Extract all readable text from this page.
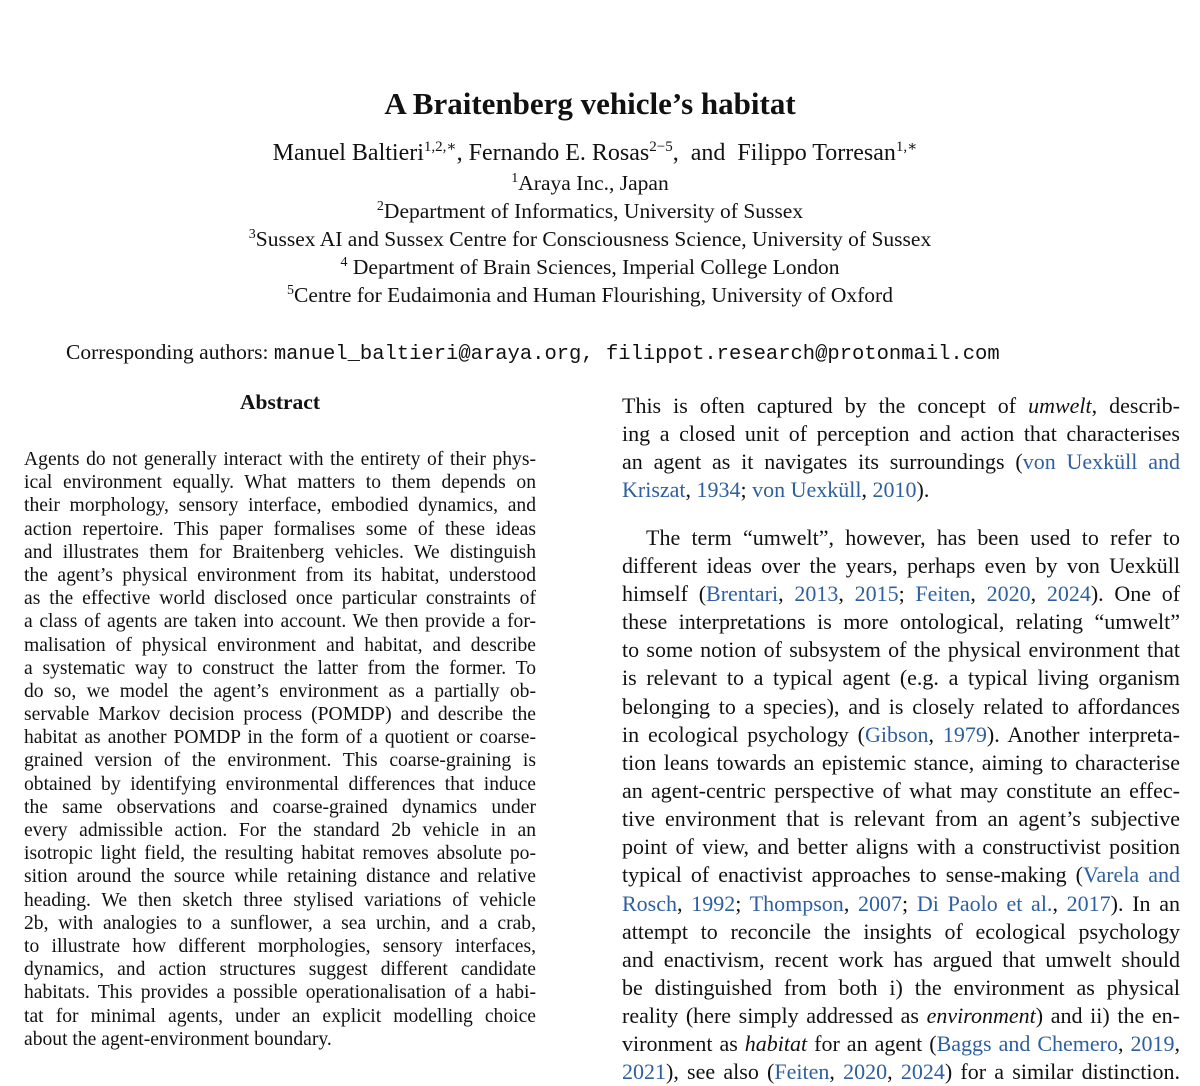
A Braitenberg vehicle’s habitat
Manuel Baltieri$^{1,2,∗}$, Fernando E. Rosas$^{2-5}$,  and  Filippo Torresan$^{1,∗}$
$^1$Araya Inc., Japan
$^2$Department of Informatics, University of Sussex
$^3$Sussex AI and Sussex Centre for Consciousness Science, University of Sussex
$^4$ Department of Brain Sciences, Imperial College London
$^5$Centre for Eudaimonia and Human Flourishing, University of Oxford
Corresponding authors: manuel_baltieri@araya.org, filippot.research@protonmail.com
Abstract
Agents do not generally interact with the entirety of their phys-
ical environment equally. What matters to them depends on
their morphology, sensory interface, embodied dynamics, and
action repertoire. This paper formalises some of these ideas
and illustrates them for Braitenberg vehicles. We distinguish
the agent’s physical environment from its habitat, understood
as the effective world disclosed once particular constraints of
a class of agents are taken into account. We then provide a for-
malisation of physical environment and habitat, and describe
a systematic way to construct the latter from the former. To
do so, we model the agent’s environment as a partially ob-
servable Markov decision process (POMDP) and describe the
habitat as another POMDP in the form of a quotient or coarse-
grained version of the environment. This coarse-graining is
obtained by identifying environmental differences that induce
the same observations and coarse-grained dynamics under
every admissible action. For the standard 2b vehicle in an
isotropic light field, the resulting habitat removes absolute po-
sition around the source while retaining distance and relative
heading. We then sketch three stylised variations of vehicle
2b, with analogies to a sunflower, a sea urchin, and a crab,
to illustrate how different morphologies, sensory interfaces,
dynamics, and action structures suggest different candidate
habitats. This provides a possible operationalisation of a habi-
tat for minimal agents, under an explicit modelling choice
about the agent-environment boundary.
This is often captured by the concept of umwelt, describ-
ing a closed unit of perception and action that characterises
an agent as it navigates its surroundings (von Uexküll and
Kriszat, 1934; von Uexküll, 2010).
The term “umwelt”, however, has been used to refer to
different ideas over the years, perhaps even by von Uexküll
himself (Brentari, 2013, 2015; Feiten, 2020, 2024). One of
these interpretations is more ontological, relating “umwelt”
to some notion of subsystem of the physical environment that
is relevant to a typical agent (e.g. a typical living organism
belonging to a species), and is closely related to affordances
in ecological psychology (Gibson, 1979). Another interpreta-
tion leans towards an epistemic stance, aiming to characterise
an agent-centric perspective of what may constitute an effec-
tive environment that is relevant from an agent’s subjective
point of view, and better aligns with a constructivist position
typical of enactivist approaches to sense-making (Varela and
Rosch, 1992; Thompson, 2007; Di Paolo et al., 2017). In an
attempt to reconcile the insights of ecological psychology
and enactivism, recent work has argued that umwelt should
be distinguished from both i) the environment as physical
reality (here simply addressed as environment) and ii) the en-
vironment as habitat for an agent (Baggs and Chemero, 2019,
2021), see also (Feiten, 2020, 2024) for a similar distinction.
